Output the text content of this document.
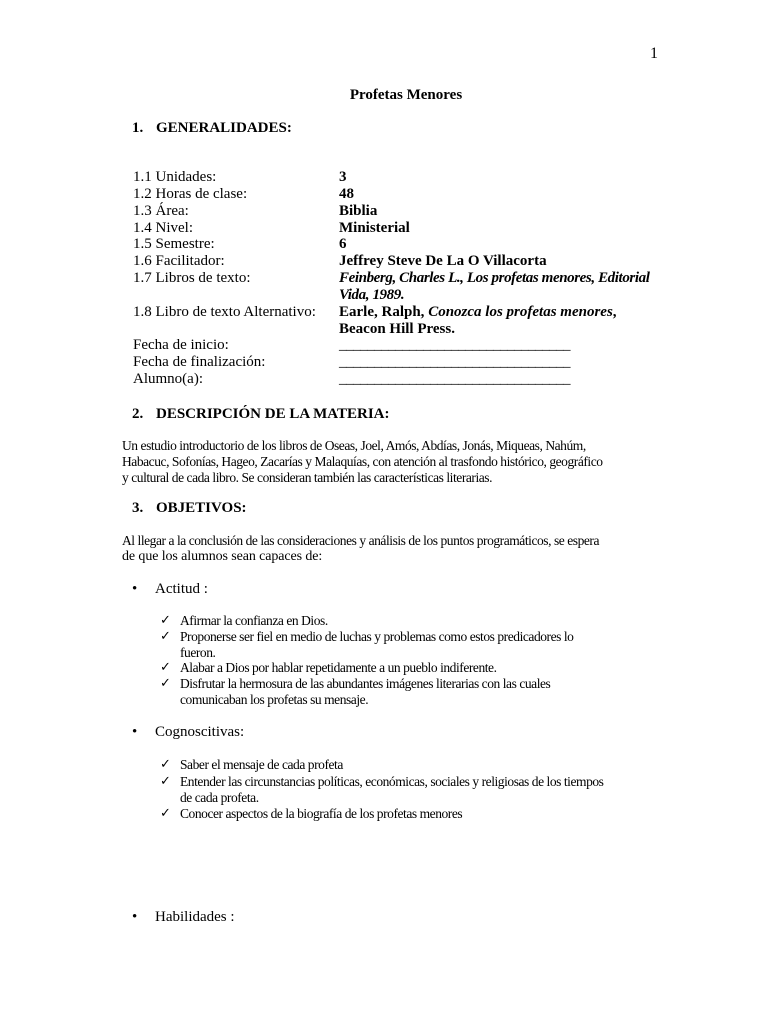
1
Profetas Menores
1. GENERALIDADES:
1.1 Unidades:	3
1.2 Horas de clase:	48
1.3 Área:	Biblia
1.4 Nivel:	Ministerial
1.5 Semestre:	6
1.6 Facilitador:	Jeffrey Steve De La O Villacorta
1.7 Libros de texto:	Feinberg, Charles L., Los profetas menores, Editorial
Vida, 1989.
1.8 Libro de texto Alternativo: Earle, Ralph, Conozca los profetas menores,
Beacon Hill Press.
Fecha de inicio:	_________________________________
Fecha de finalización:	_________________________________
Alumno(a):	_________________________________
2. DESCRIPCIÓN DE LA MATERIA:
Un estudio introductorio de los libros de Oseas, Joel, Amós, Abdías, Jonás, Miqueas, Nahúm,
Habacuc, Sofonías, Hageo, Zacarías y Malaquías, con atención al trasfondo histórico, geográfico
y cultural de cada libro. Se consideran también las características literarias.
3. OBJETIVOS:
Al llegar a la conclusión de las consideraciones y análisis de los puntos programáticos, se espera
de que los alumnos sean capaces de:
• Actitud :
✓ Afirmar la confianza en Dios.
✓ Proponerse ser fiel en medio de luchas y problemas como estos predicadores lo
fueron.
✓ Alabar a Dios por hablar repetidamente a un pueblo indiferente.
✓ Disfrutar la hermosura de las abundantes imágenes literarias con las cuales
comunicaban los profetas su mensaje.
• Cognoscitivas:
✓ Saber el mensaje de cada profeta
✓ Entender las circunstancias políticas, económicas, sociales y religiosas de los tiempos
de cada profeta.
✓ Conocer aspectos de la biografía de los profetas menores
• Habilidades :
